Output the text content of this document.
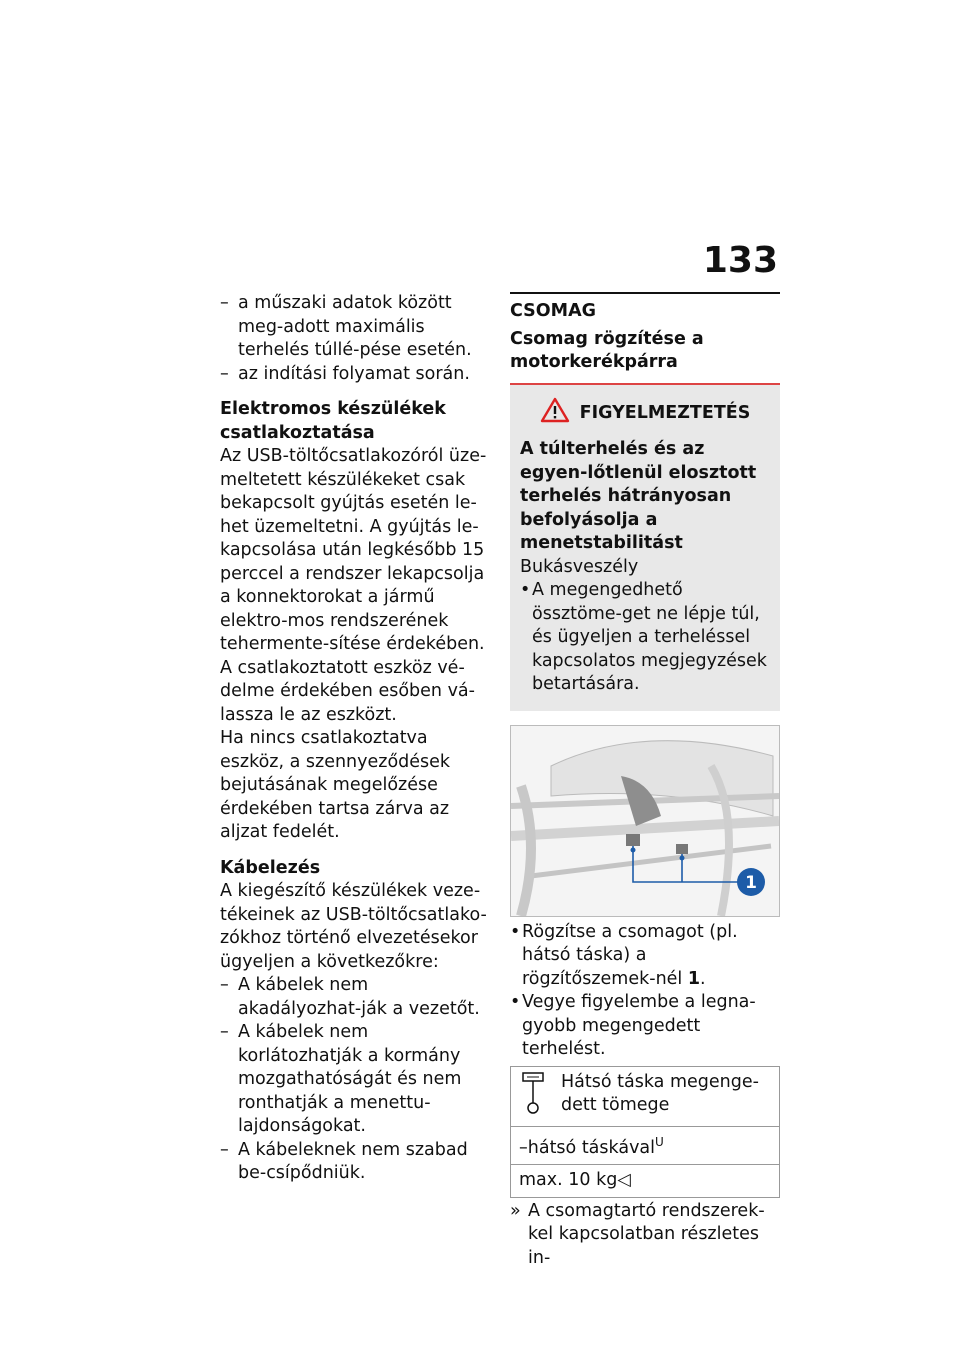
133
– a műszaki adatok között meg-adott maximális terhelés túllé-pése esetén.
– az indítási folyamat során.
Elektromos készülékek csatlakoztatása

Az USB-töltőcsatlakozóról üze-meltetett készülékeket csak bekapcsolt gyújtás esetén le-het üzemeltetni. A gyújtás le-kapcsolása után legkésőbb 15 perccel a rendszer lekapcsolja a konnektorokat a jármű elektro-mos rendszerének tehermente-sítése érdekében.

A csatlakoztatott eszköz vé-delme érdekében esőben vá-lassza le az eszközt.

Ha nincs csatlakoztatva eszköz, a szennyeződések bejutásának megelőzése érdekében tartsa zárva az aljzat fedelét.

Kábelezés

A kiegészítő készülékek veze-tékeinek az USB-töltőcsatlako-zókhoz történő elvezetésekor ügyeljen a következőkre:

– A kábelek nem akadályozhat-ják a vezetőt.
– A kábelek nem korlátozhatják a kormány mozgathatóságát és nem ronthatják a menettu-lajdonságokat.
– A kábeleknek nem szabad be-csípődniük.
CSOMAG
Csomag rögzítése a motorkerékpárra
FIGYELMEZTETÉS
A túlterhelés és az egyen-lőtlenül elosztott terhelés hátrányosan befolyásolja a menetstabilitást
Bukásveszély
• A megengedhető össztöme-get ne lépje túl, és ügyeljen a terheléssel kapcsolatos megjegyzések betartására.
1
• Rögzítse a csomagot (pl. hátsó táska) a rögzítőszemek-nél 1.
• Vegye figyelembe a legna-gyobb megengedett terhelést.
Hátsó táska megenge-dett tömege
–hátsó táskával$^U$
max. 10 kg◁
» A csomagtartó rendszerek-kel kapcsolatban részletes in-
